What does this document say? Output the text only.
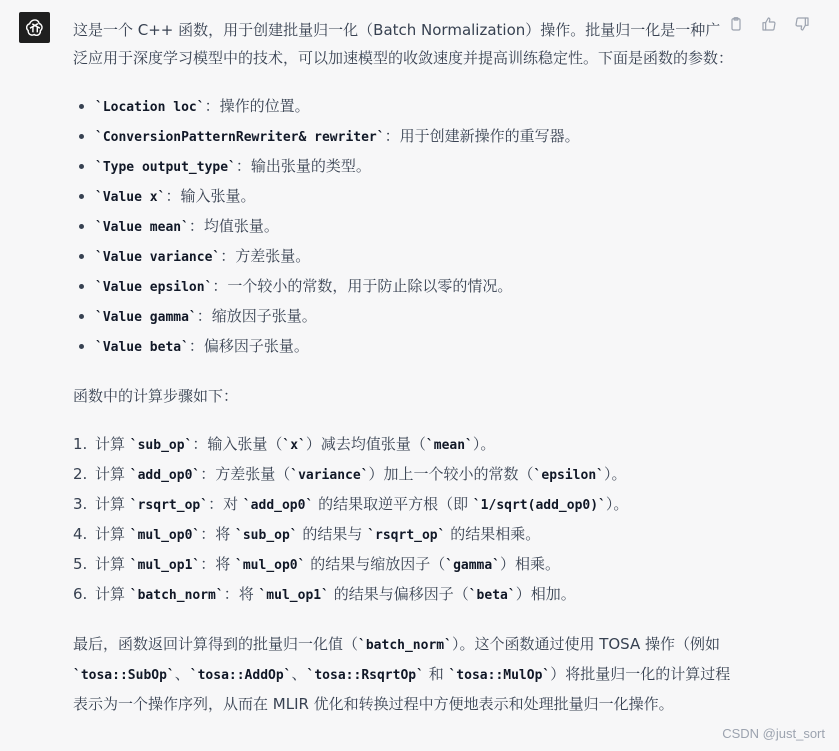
这是一个 C++ 函数，用于创建批量归一化（Batch Normalization）操作。批量归一化是一种广泛应用于深度学习模型中的技术，可以加速模型的收敛速度并提高训练稳定性。下面是函数的参数：

`Location loc`：操作的位置。
`ConversionPatternRewriter& rewriter`：用于创建新操作的重写器。
`Type output_type`：输出张量的类型。
`Value x`：输入张量。
`Value mean`：均值张量。
`Value variance`：方差张量。
`Value epsilon`：一个较小的常数，用于防止除以零的情况。
`Value gamma`：缩放因子张量。
`Value beta`：偏移因子张量。

函数中的计算步骤如下：

1. 计算 `sub_op`：输入张量（`x`）减去均值张量（`mean`）。
2. 计算 `add_op0`：方差张量（`variance`）加上一个较小的常数（`epsilon`）。
3. 计算 `rsqrt_op`：对 `add_op0` 的结果取逆平方根（即 `1/sqrt(add_op0)`）。
4. 计算 `mul_op0`：将 `sub_op` 的结果与 `rsqrt_op` 的结果相乘。
5. 计算 `mul_op1`：将 `mul_op0` 的结果与缩放因子（`gamma`）相乘。
6. 计算 `batch_norm`：将 `mul_op1` 的结果与偏移因子（`beta`）相加。

最后，函数返回计算得到的批量归一化值（`batch_norm`）。这个函数通过使用 TOSA 操作（例如 `tosa::SubOp`、`tosa::AddOp`、`tosa::RsqrtOp` 和 `tosa::MulOp`）将批量归一化的计算过程表示为一个操作序列，从而在 MLIR 优化和转换过程中方便地表示和处理批量归一化操作。

CSDN @just_sort
